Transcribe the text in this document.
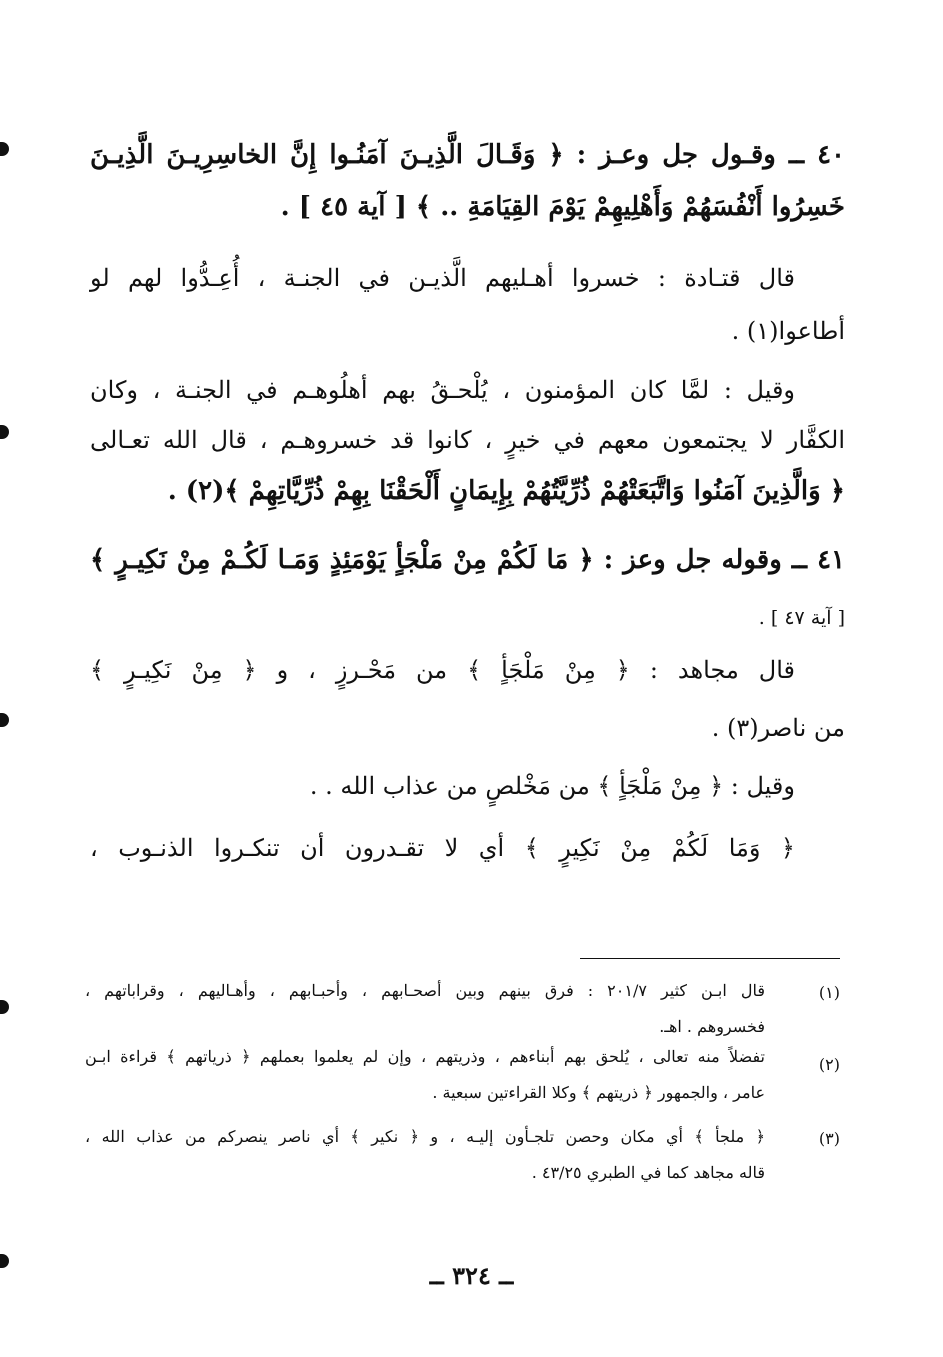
٤٠ ــ وقـول جل وعـز : ﴿ وَقَـالَ الَّذِيـنَ آمَنُـوا إِنَّ الخاسِرِيـنَ الَّذِيـنَ
خَسِرُوا أَنْفُسَهُمْ وَأَهْلِيهِمْ يَوْمَ القِيَامَةِ .. ﴾ [ آية ٤٥ ] .
قال قتـادة : خسروا أهـليهم الَّذيـن في الجنـة ، أُعِـدُّوا لهم لو
أطاعوا(١) .
وقيل : لمَّا كان المؤمنون ، يُلْحـقُ بهم أهلُوهـم في الجنـة ، وكان
الكفَّار لا يجتمعون معهم في خيرٍ ، كانوا قد خسروهـم ، قال الله تعـالى
﴿ وَالَّذِينَ آمَنُوا وَاتَّبَعَتْهُمْ ذُرِّيَّتُهُمْ بِإِيمَانٍ أَلْحَقْنَا بِهِمْ ذُرِّيَّاتِهِمْ ﴾(٢) .
٤١ ــ وقوله جل وعز : ﴿ مَا لَكُمْ مِنْ مَلْجَأٍ يَوْمَئِذٍ وَمَـا لَكُـمْ مِنْ نَكِيـرٍ ﴾
[ آية ٤٧ ] .
قال مجاهد : ﴿ مِنْ مَلْجَأٍ ﴾ من مَحْـرزٍ ، و ﴿ مِنْ نَكِيـرٍ ﴾
من ناصر(٣) .
وقيل : ﴿ مِنْ مَلْجَأٍ ﴾ من مَخْلصٍ من عذاب الله . .
﴿ وَمَا لَكُمْ مِنْ نَكِيرٍ ﴾ أي لا تقـدرون أن تنكـروا الذنـوب ،
(١)
قال ابـن كثير ٢٠١/٧ : فرق بينهم وبين أصحـابهم ، وأحبـابهم ، وأهـاليهم ، وقراباتهم ،
فخسروهم . اهـ.
(٢)
تفضلاً منه تعالى ، يُلحق بهم أبناءهم ، وذريتهم ، وإن لم يعلموا بعملهم ﴿ ذرياتهم ﴾ قراءة ابـن
عامر ، والجمهور ﴿ ذريتهم ﴾ وكلا القراءتين سبعية .
(٣)
﴿ ملجأ ﴾ أي مكان وحصن تلجـأون إليـه ، و ﴿ نكير ﴾ أي ناصر ينصركم من عذاب الله ،
قاله مجاهد كما في الطبري ٤٣/٢٥ .
ــ ٣٢٤ ــ
